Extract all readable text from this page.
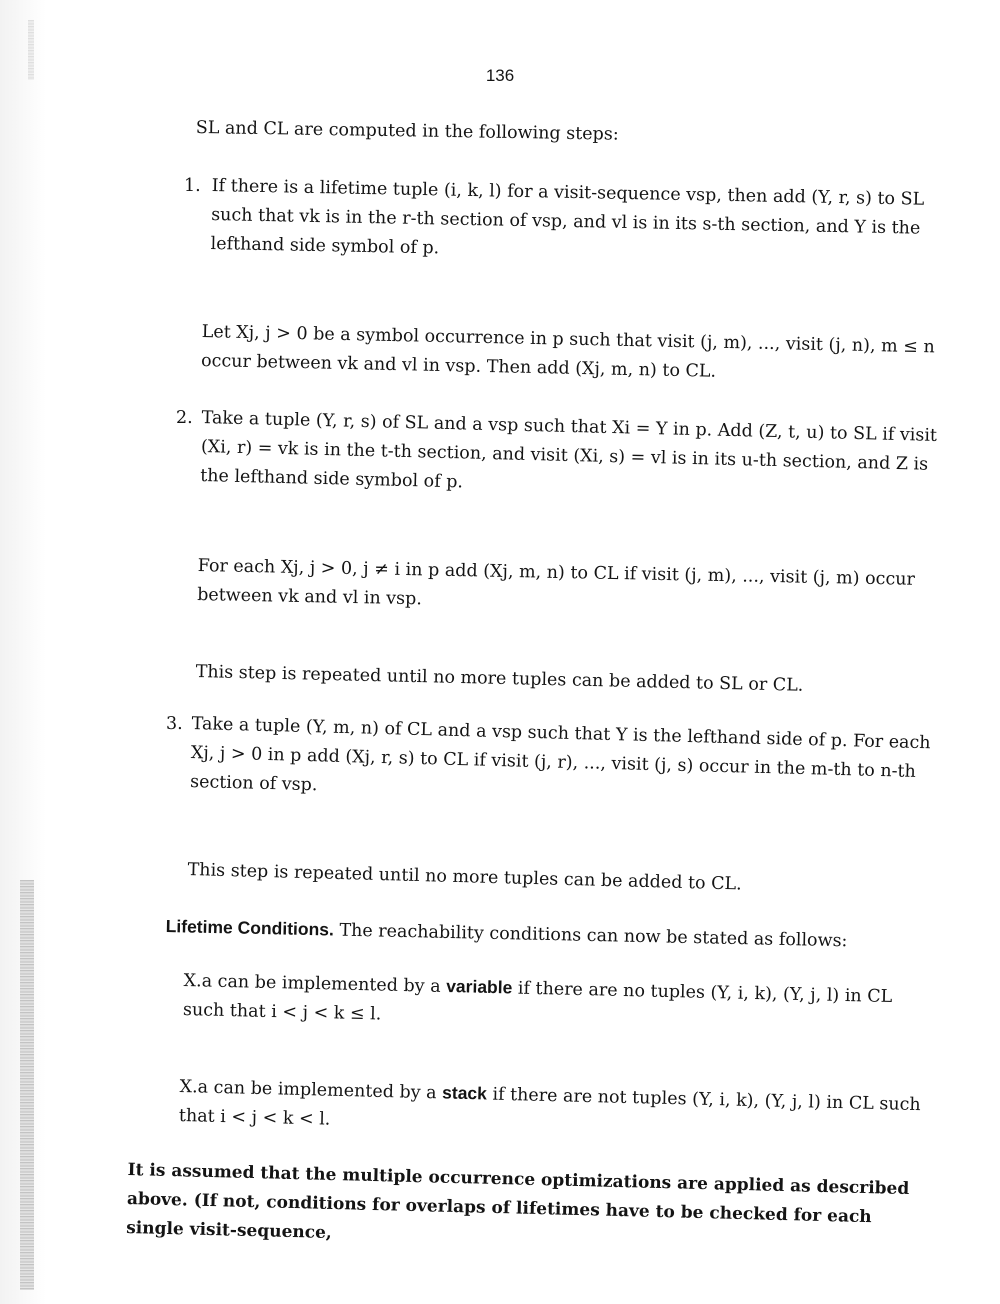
136

SL and CL are computed in the following steps:

1. If there is a lifetime tuple (i, k, l) for a visit-sequence vsp, then add (Y, r, s) to SL such that vk is in the r-th section of vsp, and vl is in its s-th section, and Y is the lefthand side symbol of p.

Let Xj, j > 0 be a symbol occurrence in p such that visit (j, m), ..., visit (j, n), m ≤ n occur between vk and vl in vsp. Then add (Xj, m, n) to CL.

2. Take a tuple (Y, r, s) of SL and a vsp such that Xi = Y in p. Add (Z, t, u) to SL if visit (Xi, r) = vk is in the t-th section, and visit (Xi, s) = vl is in its u-th section, and Z is the lefthand side symbol of p.

For each Xj, j > 0, j ≠ i in p add (Xj, m, n) to CL if visit (j, m), ..., visit (j, m) occur between vk and vl in vsp.

This step is repeated until no more tuples can be added to SL or CL.

3. Take a tuple (Y, m, n) of CL and a vsp such that Y is the lefthand side of p. For each Xj, j > 0 in p add (Xj, r, s) to CL if visit (j, r), ..., visit (j, s) occur in the m-th to n-th section of vsp.

This step is repeated until no more tuples can be added to CL.

Lifetime Conditions. The reachability conditions can now be stated as follows:

X.a can be implemented by a variable if there are no tuples (Y, i, k), (Y, j, l) in CL such that i < j < k ≤ l.

X.a can be implemented by a stack if there are not tuples (Y, i, k), (Y, j, l) in CL such that i < j < k < l.

It is assumed that the multiple occurrence optimizations are applied as described above. (If not, conditions for overlaps of lifetimes have to be checked for each single visit-sequence,
